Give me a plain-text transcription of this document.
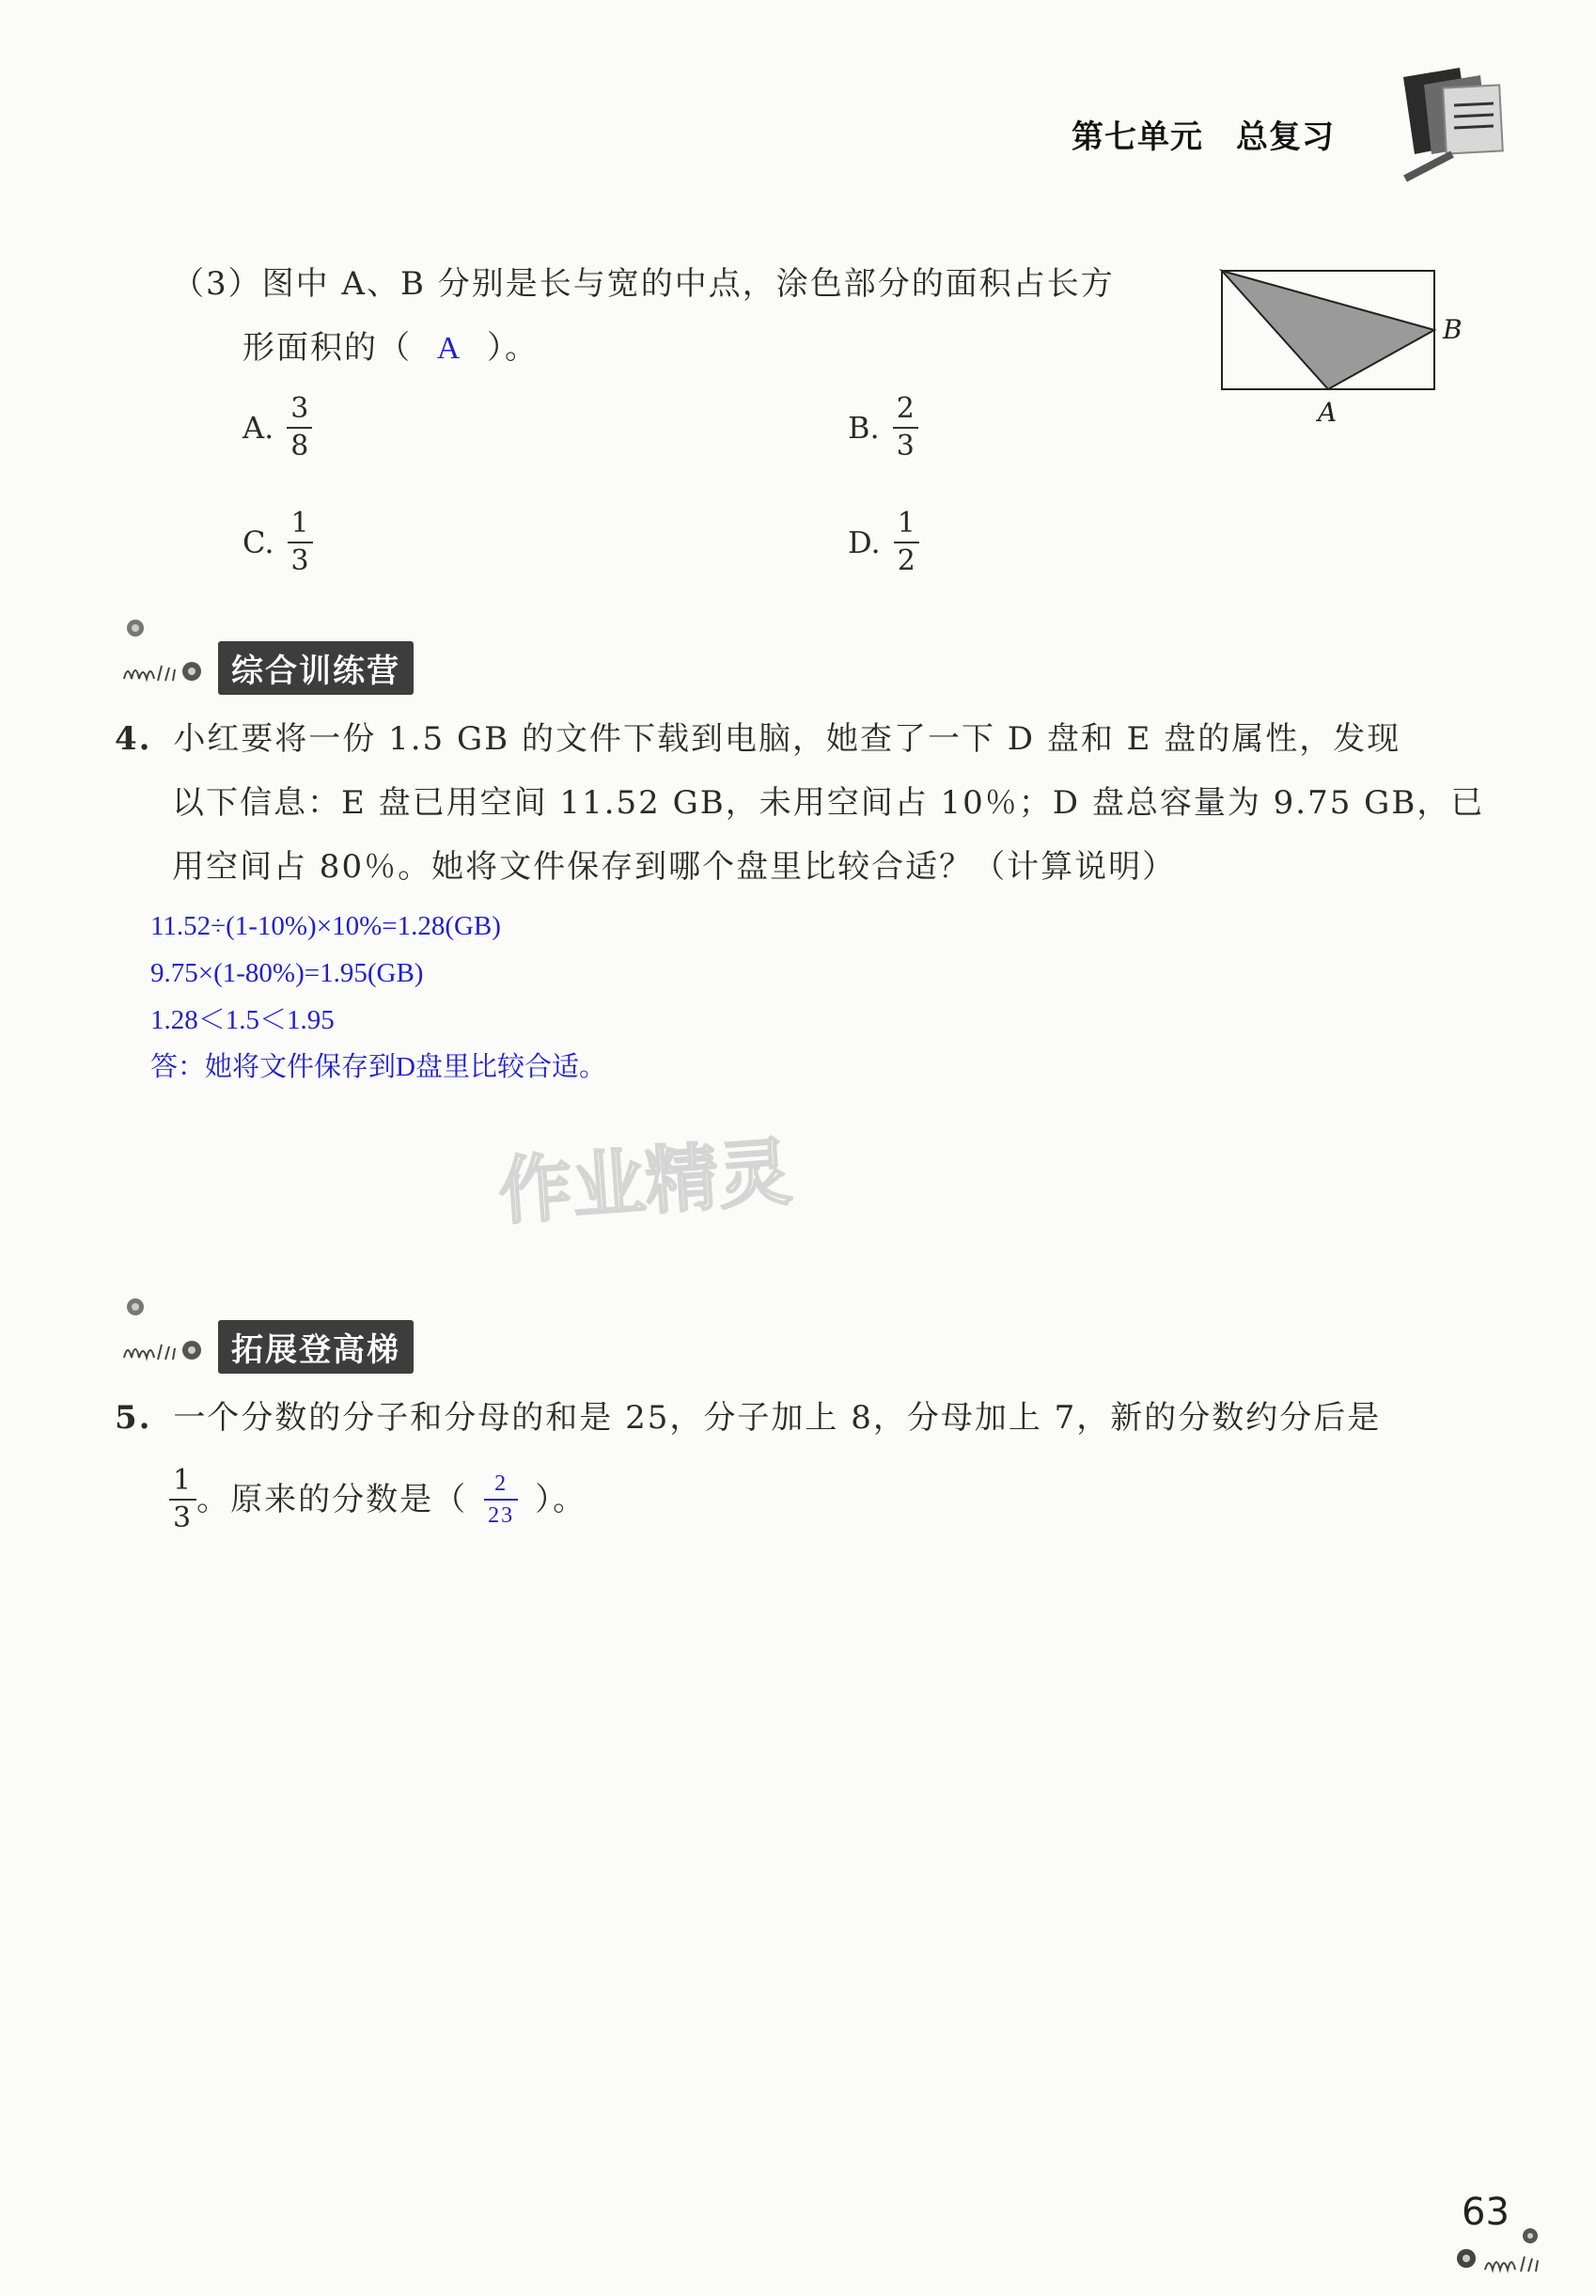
第七单元　总复习
（3）图中 A、B 分别是长与宽的中点，涂色部分的面积占长方
形面积的（ A ）。	B
A
A. $\frac{3}{8}$	B. $\frac{2}{3}$
C. $\frac{1}{3}$	D. $\frac{1}{2}$
综合训练营
4. 小红要将一份 1.5 GB 的文件下载到电脑，她查了一下 D 盘和 E 盘的属性，发现
以下信息：E 盘已用空间 11.52 GB，未用空间占 10％；D 盘总容量为 9.75 GB，已
用空间占 80％。她将文件保存到哪个盘里比较合适？（计算说明）
11.52÷(1-10%)×10%=1.28(GB)
9.75×(1-80%)=1.95(GB)
1.28＜1.5＜1.95
答：她将文件保存到D盘里比较合适。
作业精灵
拓展登高梯
5. 一个分数的分子和分母的和是 25，分子加上 8，分母加上 7，新的分数约分后是
$\frac{1}{3}$ 。原来的分数是（ $\frac{2}{23}$ ）。
63
